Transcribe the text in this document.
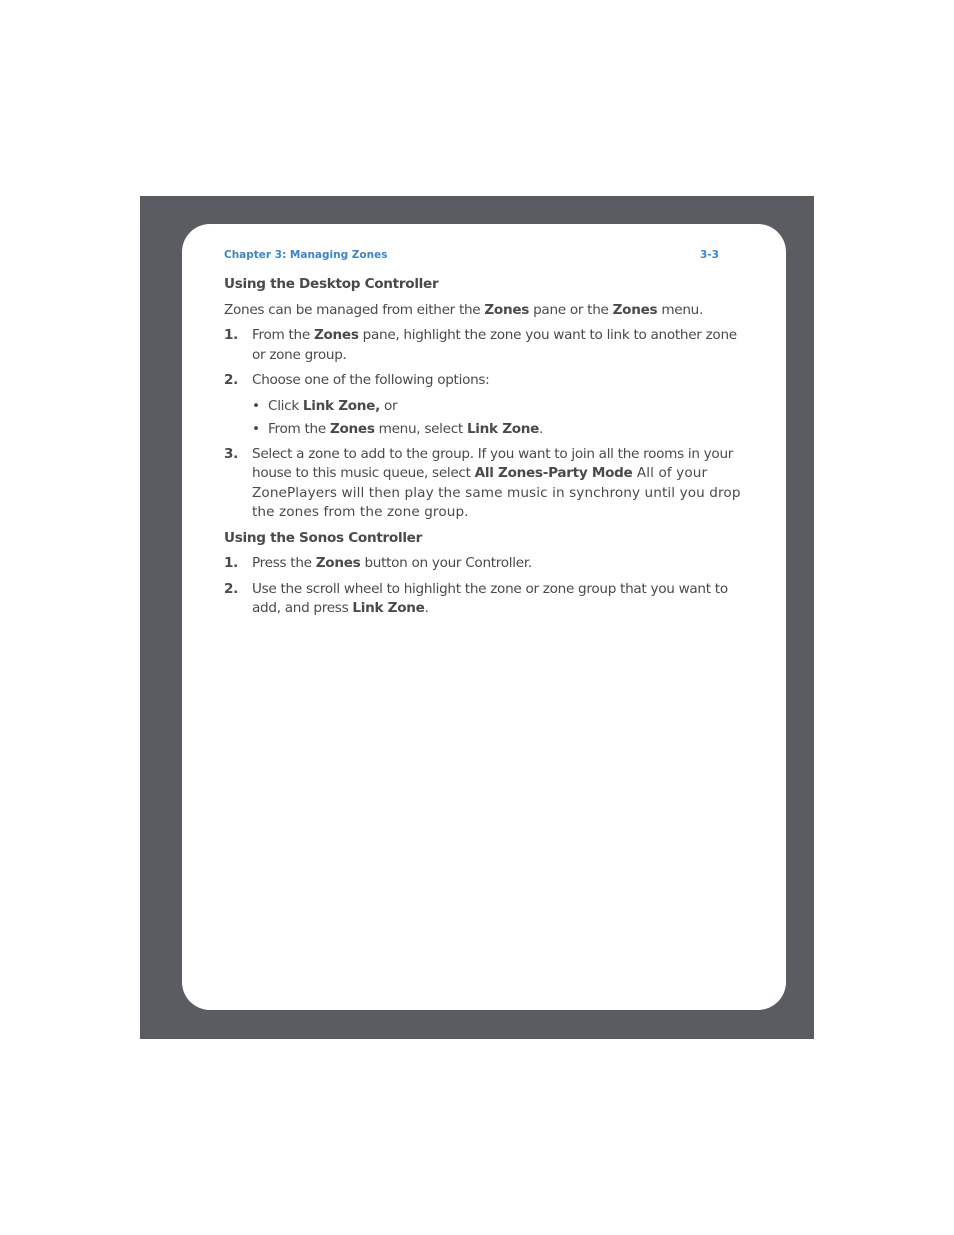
Chapter 3: Managing Zones	3-3
Using the Desktop Controller
Zones can be managed from either the Zones pane or the Zones menu.
1. From the Zones pane, highlight the zone you want to link to another zone or zone group.
2. Choose one of the following options:
• Click Link Zone, or
• From the Zones menu, select Link Zone.
3. Select a zone to add to the group. If you want to join all the rooms in your house to this music queue, select All Zones-Party Mode All of your ZonePlayers will then play the same music in synchrony until you drop the zones from the zone group.
Using the Sonos Controller
1. Press the Zones button on your Controller.
2. Use the scroll wheel to highlight the zone or zone group that you want to add, and press Link Zone.
